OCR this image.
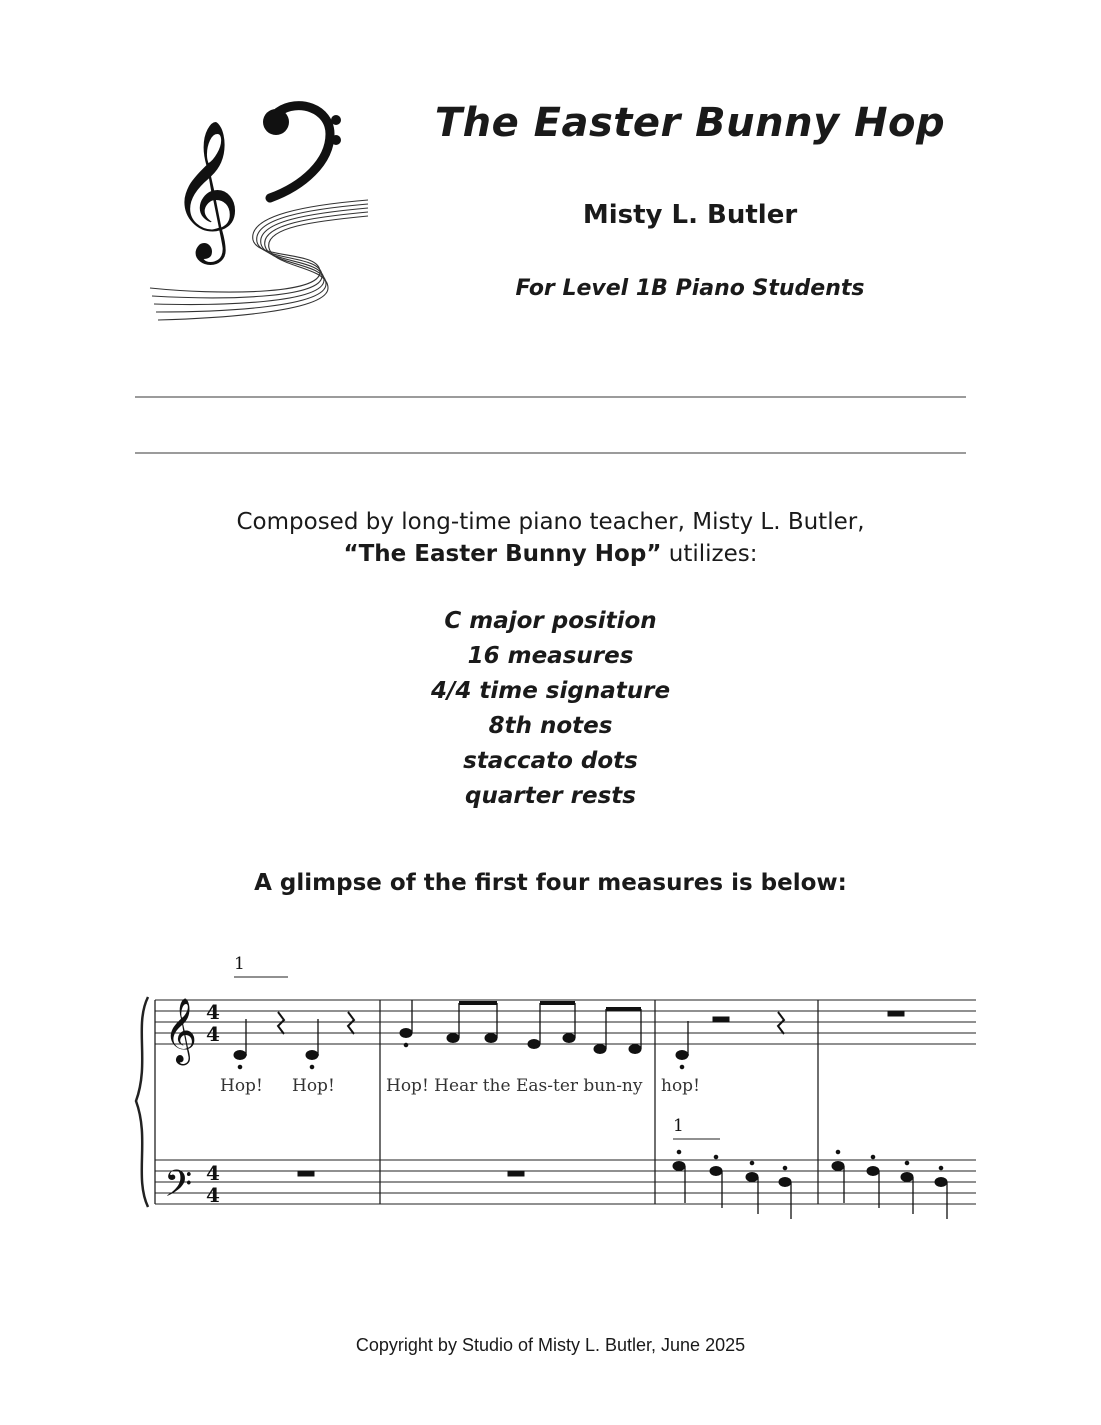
𝄞	The Easter Bunny Hop
Misty L. Butler
For Level 1B Piano Students
Composed by long-time piano teacher, Misty L. Butler,
“The Easter Bunny Hop” utilizes:
C major position
16 measures
4/4 time signature
8th notes
staccato dots
quarter rests
A glimpse of the first four measures is below:
𝄞
𝄢
4
4
4
4
1
1
Hop! Hop!	Hop! Hear the Eas-ter bun-ny hop!
Copyright by Studio of Misty L. Butler, June 2025
